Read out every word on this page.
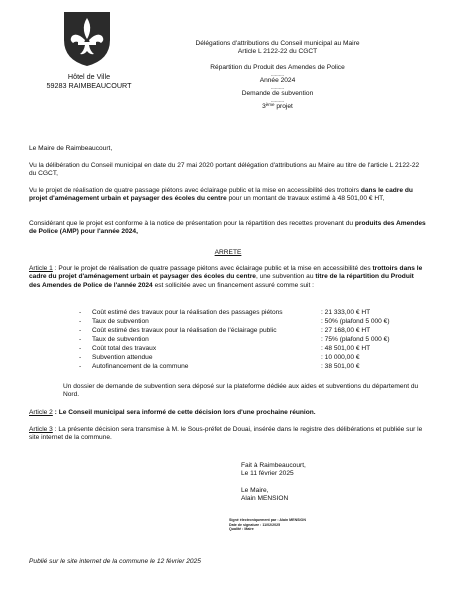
Hôtel de Ville
59283 RAIMBEAUCOURT

Délégations d'attributions du Conseil municipal au Maire

Article L 2122-22 du CGCT

Répartition du Produit des Amendes de Police

----------

Année 2024

----------

Demande de subvention

----------

3ème projet

Le Maire de Raimbeaucourt,

Vu la délibération du Conseil municipal en date du 27 mai 2020 portant délégation d'attributions au Maire au titre de l'article L 2122-22 du CGCT,

Vu le projet de réalisation de quatre passage piétons avec éclairage public et la mise en accessibilité des trottoirs dans le cadre du projet d'aménagement urbain et paysager des écoles du centre pour un montant de travaux estimé à 48 501,00 € HT,

Considérant que le projet est conforme à la notice de présentation pour la répartition des recettes provenant du produits des Amendes de Police (AMP) pour l'année 2024,

ARRETE

Article 1 : Pour le projet de réalisation de quatre passage piétons avec éclairage public et la mise en accessibilité des trottoirs dans le cadre du projet d'aménagement urbain et paysager des écoles du centre, une subvention au titre de la répartition du Produit des Amendes de Police de l'année 2024 est sollicitée avec un financement assuré comme suit :

- Coût estimé des travaux pour la réalisation des passages piétons	: 21 333,00 € HT
- Taux de subvention	: 50% (plafond 5 000 €)
- Coût estimé des travaux pour la réalisation de l'éclairage public	: 27 168,00 € HT
- Taux de subvention	: 75% (plafond 5 000 €)
- Coût total des travaux	: 48 501,00 € HT
- Subvention attendue	: 10 000,00 €
- Autofinancement de la commune	: 38 501,00 €

Un dossier de demande de subvention sera déposé sur la plateforme dédiée aux aides et subventions du département du Nord.

Article 2 : Le Conseil municipal sera informé de cette décision lors d'une prochaine réunion.

Article 3 : La présente décision sera transmise à M. le Sous-préfet de Douai, insérée dans le registre des délibérations et publiée sur le site internet de la commune.

Fait à Raimbeaucourt,

Le 11 février 2025

Le Maire,

Alain MENSION

Signé électroniquement par : Alain MENSION
Date de signature : 11/02/2025
Qualité : Maire

Publié sur le site internet de la commune le 12 février 2025
